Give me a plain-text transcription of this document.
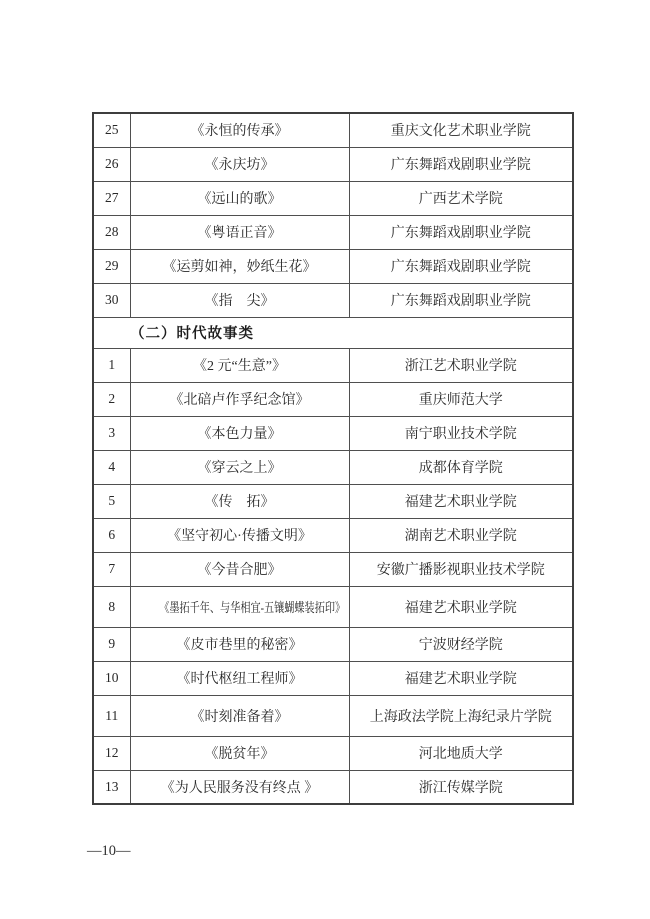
25	《永恒的传承》	重庆文化艺术职业学院
26	《永庆坊》	广东舞蹈戏剧职业学院
27	《远山的歌》	广西艺术学院
28	《粤语正音》	广东舞蹈戏剧职业学院
29	《运剪如神，妙纸生花》	广东舞蹈戏剧职业学院
30	《指　尖》	广东舞蹈戏剧职业学院
（二）时代故事类		
1	《2 元“生意”》	浙江艺术职业学院
2	《北碚卢作孚纪念馆》	重庆师范大学
3	《本色力量》	南宁职业技术学院
4	《穿云之上》	成都体育学院
5	《传　拓》	福建艺术职业学院
6	《坚守初心·传播文明》	湖南艺术职业学院
7	《今昔合肥》	安徽广播影视职业技术学院
8	《墨拓千年、与华相宜-五镶蝴蝶装拓印》	福建艺术职业学院
9	《皮市巷里的秘密》	宁波财经学院
10	《时代枢纽工程师》	福建艺术职业学院
11	《时刻准备着》	上海政法学院上海纪录片学院
12	《脱贫年》	河北地质大学
13	《为人民服务没有终点 》	浙江传媒学院
—10—
